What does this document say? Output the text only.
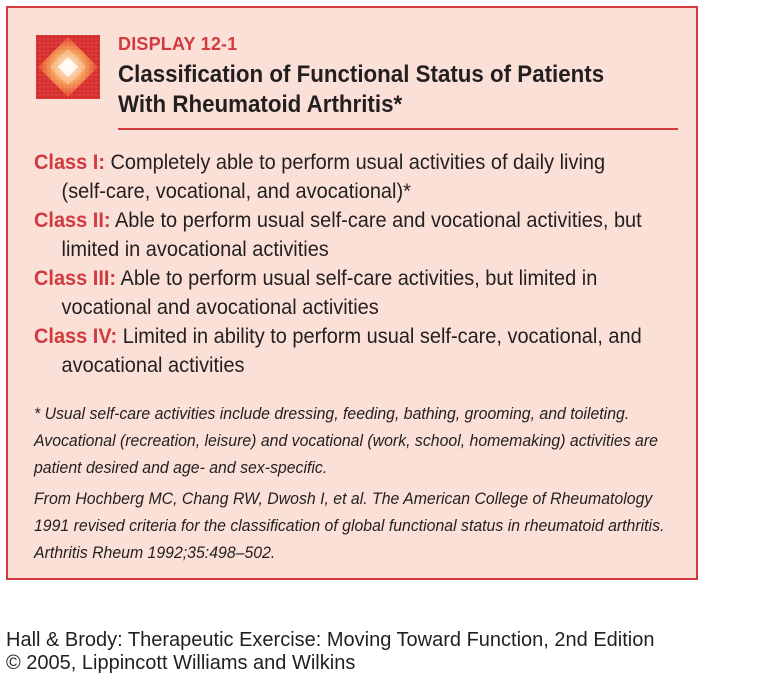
DISPLAY 12-1

Classification of Functional Status of Patients With Rheumatoid Arthritis*
Class I: Completely able to perform usual activities of daily living (self-care, vocational, and avocational)*
Class II: Able to perform usual self-care and vocational activities, but limited in avocational activities
Class III: Able to perform usual self-care activities, but limited in vocational and avocational activities
Class IV: Limited in ability to perform usual self-care, vocational, and avocational activities

* Usual self-care activities include dressing, feeding, bathing, grooming, and toileting. Avocational (recreation, leisure) and vocational (work, school, homemaking) activities are patient desired and age- and sex-specific.

From Hochberg MC, Chang RW, Dwosh I, et al. The American College of Rheumatology 1991 revised criteria for the classification of global functional status in rheumatoid arthritis. Arthritis Rheum 1992;35:498–502.

Hall & Brody: Therapeutic Exercise: Moving Toward Function, 2nd Edition
© 2005, Lippincott Williams and Wilkins
